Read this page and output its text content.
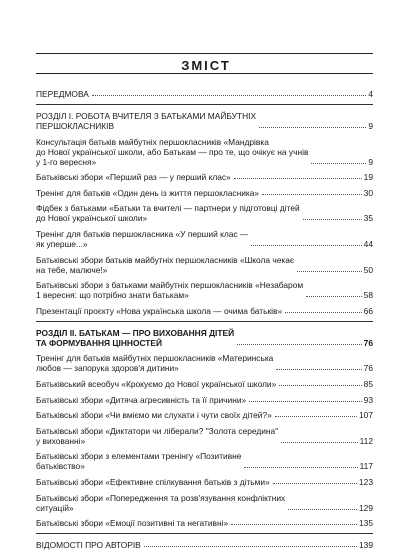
ЗМІСТ
ПЕРЕДМОВА	4
РОЗДІЛ І. РОБОТА ВЧИТЕЛЯ З БАТЬКАМИ МАЙБУТНІХ
ПЕРШОКЛАСНИКІВ	9
Консультація батьків майбутніх першокласників «Мандрівка
до Нової української школи, або Батькам — про те, що очікує на учнів
у 1-го вересня»	9
Батьківські збори «Перший раз — у перший клас»	19
Тренінг для батьків «Один день із життя першокласника»	30
Фідбек з батьками «Батьки та вчителі — партнери у підготовці дітей
до Нової української школи»	35
Тренінг для батьків першокласника «У перший клас —
як уперше...»	44
Батьківські збори батьків майбутніх першокласників «Школа чекає
на тебе, малюче!»	50
Батьківські збори з батьками майбутніх першокласників «Незабаром
1 вересня: що потрібно знати батькам»	58
Презентації проєкту «Нова українська школа — очима батьків»	66
РОЗДІЛ ІІ. БАТЬКАМ — ПРО ВИХОВАННЯ ДІТЕЙ
ТА ФОРМУВАННЯ ЦІННОСТЕЙ	76
Тренінг для батьків майбутніх першокласників «Материнська
любов — запорука здоров'я дитини»	76
Батьківський всеобуч «Крокуємо до Нової української школи»	85
Батьківські збори «Дитяча агресивність та її причини»	93
Батьківські збори «Чи вміємо ми слухати і чути своїх дітей?»	107
Батьківські збори «Диктатори чи ліберали? "Золота середина"
у вихованні»	112
Батьківські збори з елементами тренінгу «Позитивне
батьківство»	117
Батьківські збори «Ефективне спілкування батьків з дітьми»	123
Батьківські збори «Попередження та розв'язування конфліктних
ситуацій»	129
Батьківські збори «Емоції позитивні та негативні»	135
ВІДОМОСТІ ПРО АВТОРІВ	139
